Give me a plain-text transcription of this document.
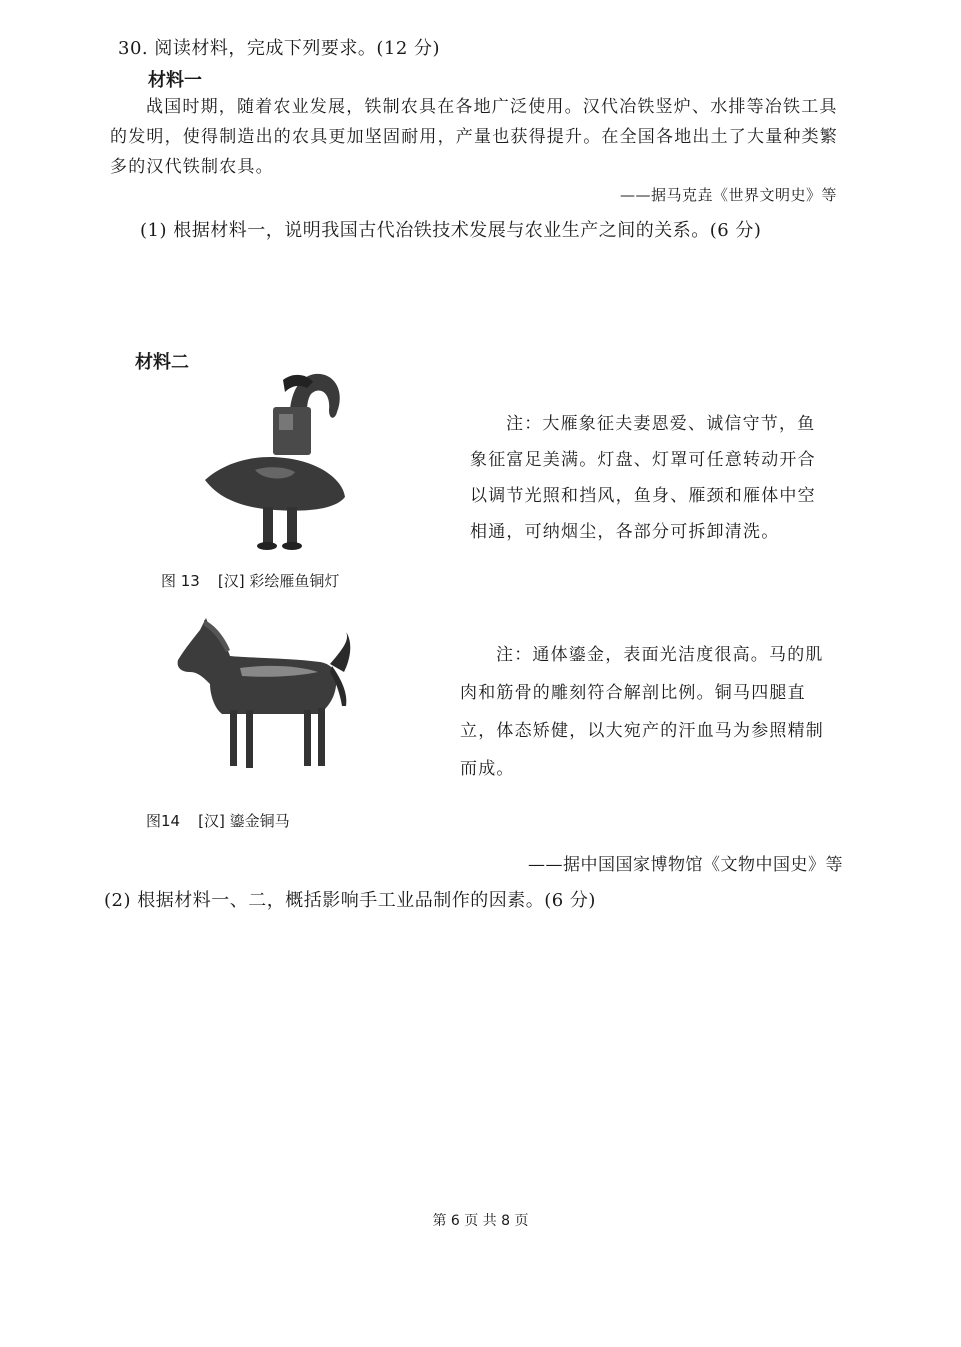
30. 阅读材料，完成下列要求。(12 分)
材料一
战国时期，随着农业发展，铁制农具在各地广泛使用。汉代冶铁竖炉、水排等冶铁工具的发明，使得制造出的农具更加坚固耐用，产量也获得提升。在全国各地出土了大量种类繁多的汉代铁制农具。
——据马克垚《世界文明史》等
(1) 根据材料一，说明我国古代冶铁技术发展与农业生产之间的关系。(6 分)
材料二
注：大雁象征夫妻恩爱、诚信守节，鱼象征富足美满。灯盘、灯罩可任意转动开合以调节光照和挡风，鱼身、雁颈和雁体中空相通，可纳烟尘，各部分可拆卸清洗。
图 13 [汉] 彩绘雁鱼铜灯
注：通体鎏金，表面光洁度很高。马的肌肉和筋骨的雕刻符合解剖比例。铜马四腿直立，体态矫健，以大宛产的汗血马为参照精制而成。
图14 [汉] 鎏金铜马
——据中国国家博物馆《文物中国史》等
(2) 根据材料一、二，概括影响手工业品制作的因素。(6 分)
第 6 页 共 8 页
